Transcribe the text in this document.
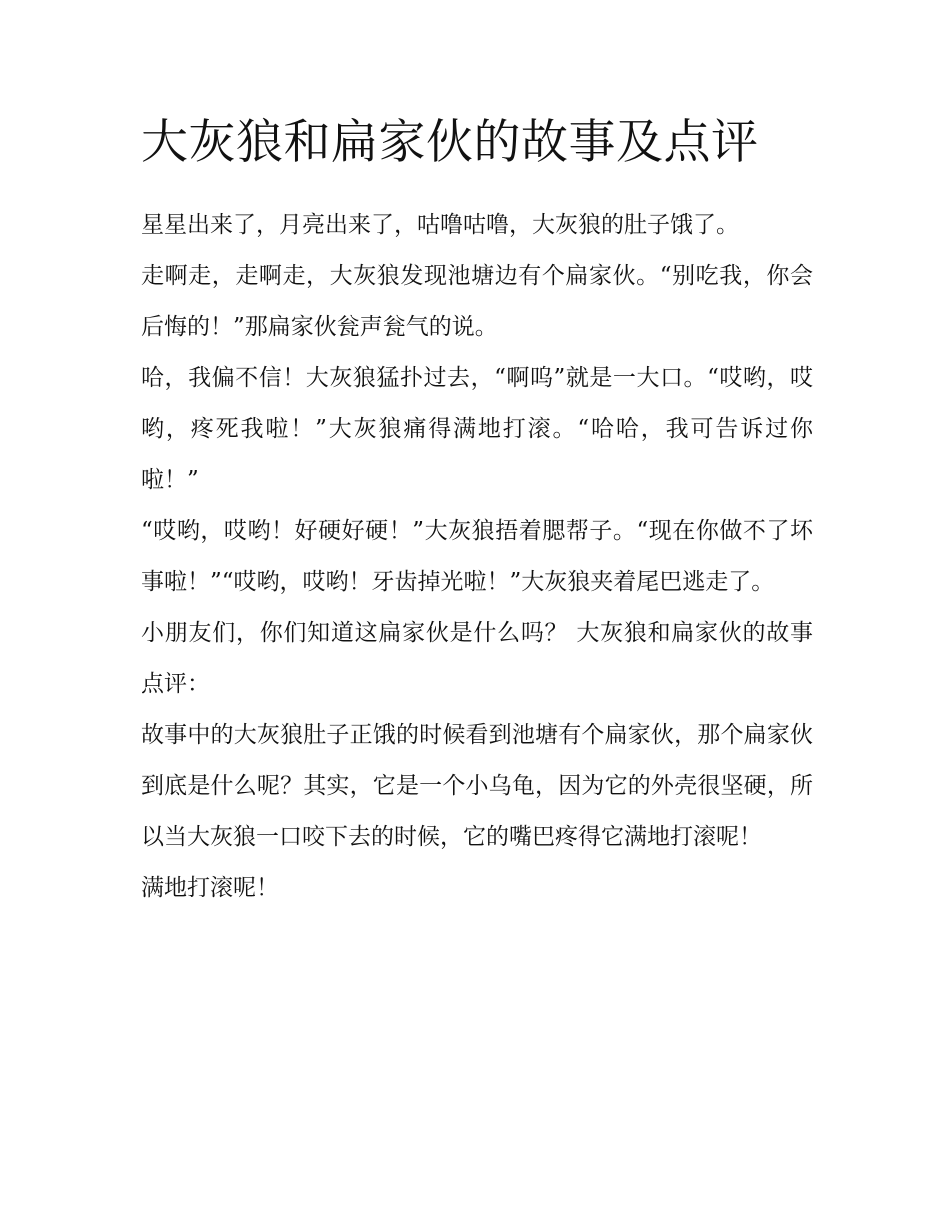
大灰狼和扁家伙的故事及点评

星星出来了，月亮出来了，咕噜咕噜，大灰狼的肚子饿了。

走啊走，走啊走，大灰狼发现池塘边有个扁家伙。“别吃我，你会后悔的！”那扁家伙瓮声瓮气的说。

哈，我偏不信！大灰狼猛扑过去，“啊呜”就是一大口。“哎哟，哎哟，疼死我啦！”大灰狼痛得满地打滚。“哈哈，我可告诉过你啦！”

“哎哟，哎哟！好硬好硬！”大灰狼捂着腮帮子。“现在你做不了坏事啦！”“哎哟，哎哟！牙齿掉光啦！”大灰狼夹着尾巴逃走了。

小朋友们，你们知道这扁家伙是什么吗？ 大灰狼和扁家伙的故事点评：

故事中的大灰狼肚子正饿的时候看到池塘有个扁家伙，那个扁家伙到底是什么呢？其实，它是一个小乌龟，因为它的外壳很坚硬，所以当大灰狼一口咬下去的时候，它的嘴巴疼得它满地打滚呢！

满地打滚呢！
